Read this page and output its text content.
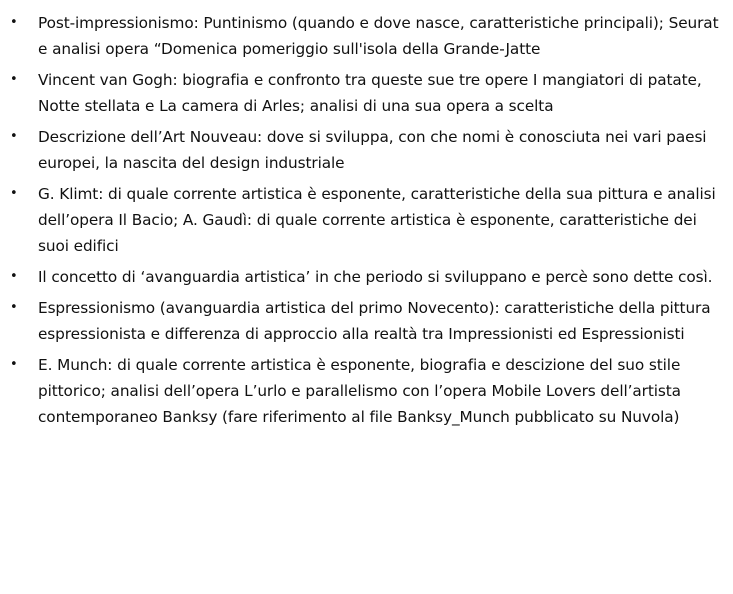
•
Post-impressionismo: Puntinismo (quando e dove nasce, caratteristiche principali); Seurat e analisi opera “Domenica pomeriggio sull'isola della Grande-Jatte
•
Vincent van Gogh: biografia e confronto tra queste sue tre opere I mangiatori di patate, Notte stellata e La camera di Arles; analisi di una sua opera a scelta
•
Descrizione dell’Art Nouveau: dove si sviluppa, con che nomi è conosciuta nei vari paesi europei, la nascita del design industriale
•
G. Klimt: di quale corrente artistica è esponente, caratteristiche della sua pittura e analisi dell’opera Il Bacio; A. Gaudì: di quale corrente artistica è esponente, caratteristiche dei suoi edifici
•
Il concetto di ‘avanguardia artistica’ in che periodo si sviluppano e percè sono dette così.
•
Espressionismo (avanguardia artistica del primo Novecento): caratteristiche della pittura espressionista e differenza di approccio alla realtà tra Impressionisti ed Espressionisti
•
E. Munch: di quale corrente artistica è esponente, biografia e descizione del suo stile pittorico; analisi dell’opera L’urlo e parallelismo con l’opera Mobile Lovers dell’artista contemporaneo Banksy (fare riferimento al file Banksy_Munch pubblicato su Nuvola)
